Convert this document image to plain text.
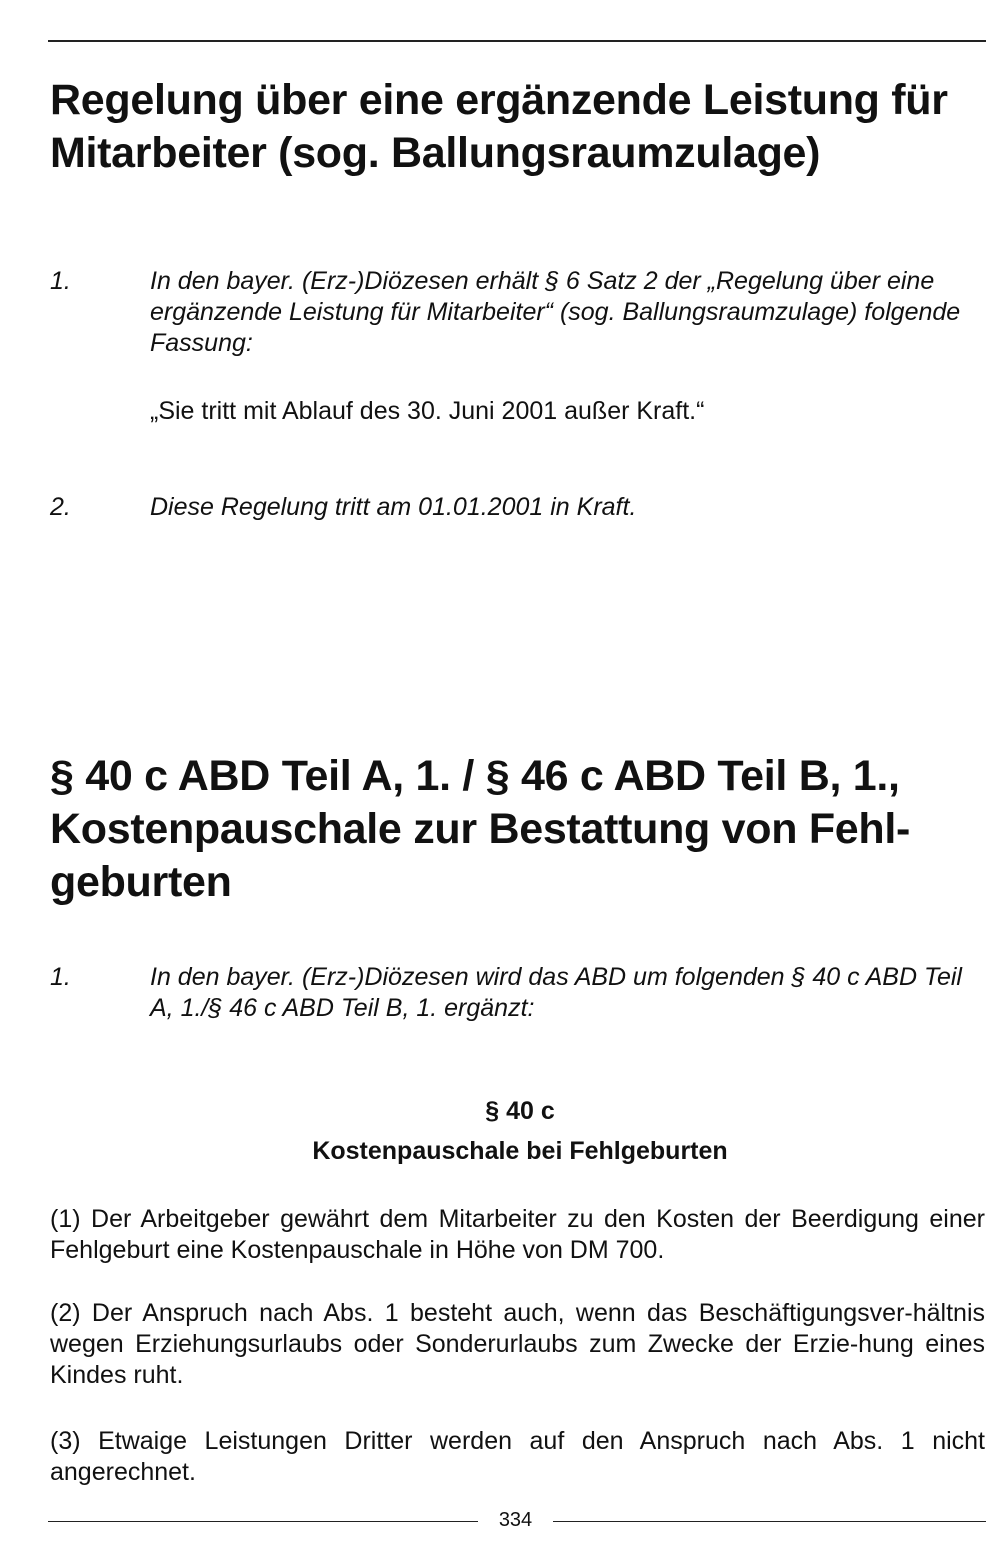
Regelung über eine ergänzende Leistung für Mitarbeiter (sog. Ballungsraumzulage)
1.	In den bayer. (Erz-)Diözesen erhält § 6 Satz 2 der „Regelung über eine ergänzende Leistung für Mitarbeiter“ (sog. Ballungsraumzulage) folgende Fassung:
„Sie tritt mit Ablauf des 30. Juni 2001 außer Kraft.“
2.	Diese Regelung tritt am 01.01.2001 in Kraft.
§ 40 c ABD Teil A, 1. / § 46 c ABD Teil B, 1., Kostenpauschale zur Bestattung von Fehl-geburten
1.	In den bayer. (Erz-)Diözesen wird das ABD um folgenden § 40 c ABD Teil A, 1./§ 46 c ABD Teil B, 1. ergänzt:
§ 40 c
Kostenpauschale bei Fehlgeburten
(1) Der Arbeitgeber gewährt dem Mitarbeiter zu den Kosten der Beerdigung einer Fehlgeburt eine Kostenpauschale in Höhe von DM 700.
(2) Der Anspruch nach Abs. 1 besteht auch, wenn das Beschäftigungsver-hältnis wegen Erziehungsurlaubs oder Sonderurlaubs zum Zwecke der Erzie-hung eines Kindes ruht.
(3) Etwaige Leistungen Dritter werden auf den Anspruch nach Abs. 1 nicht angerechnet.
334
